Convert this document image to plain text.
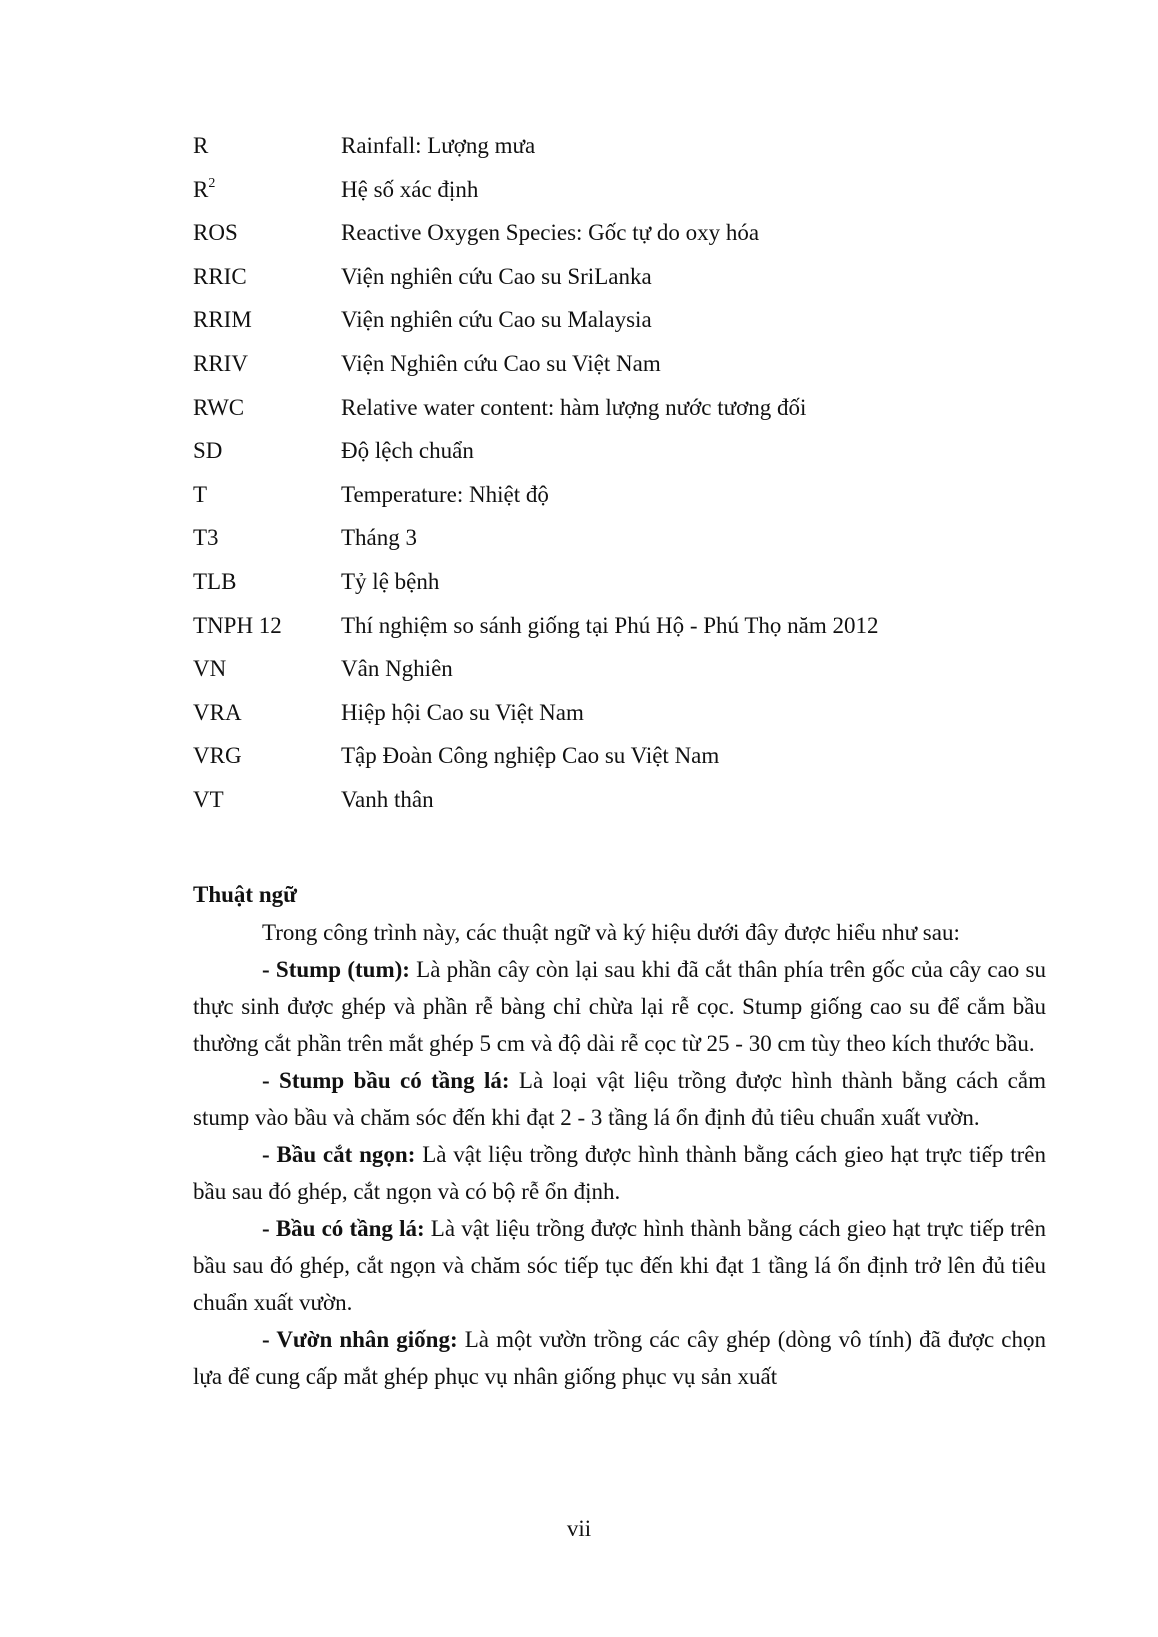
R	Rainfall: Lượng mưa
$R^2$	Hệ số xác định
ROS	Reactive Oxygen Species: Gốc tự do oxy hóa
RRIC	Viện nghiên cứu Cao su SriLanka
RRIM	Viện nghiên cứu Cao su Malaysia
RRIV	Viện Nghiên cứu Cao su Việt Nam
RWC	Relative water content: hàm lượng nước tương đối
SD	Độ lệch chuẩn
T	Temperature: Nhiệt độ
T3	Tháng 3
TLB	Tỷ lệ bệnh
TNPH 12	Thí nghiệm so sánh giống tại Phú Hộ - Phú Thọ năm 2012
VN	Vân Nghiên
VRA	Hiệp hội Cao su Việt Nam
VRG	Tập Đoàn Công nghiệp Cao su Việt Nam
VT	Vanh thân
Thuật ngữ

Trong công trình này, các thuật ngữ và ký hiệu dưới đây được hiểu như sau:

- Stump (tum): Là phần cây còn lại sau khi đã cắt thân phía trên gốc của cây cao su thực sinh được ghép và phần rễ bàng chỉ chừa lại rễ cọc. Stump giống cao su để cắm bầu thường cắt phần trên mắt ghép 5 cm và độ dài rễ cọc từ 25 - 30 cm tùy theo kích thước bầu.

- Stump bầu có tầng lá: Là loại vật liệu trồng được hình thành bằng cách cắm stump vào bầu và chăm sóc đến khi đạt 2 - 3 tầng lá ổn định đủ tiêu chuẩn xuất vườn.

- Bầu cắt ngọn: Là vật liệu trồng được hình thành bằng cách gieo hạt trực tiếp trên bầu sau đó ghép, cắt ngọn và có bộ rễ ổn định.

- Bầu có tầng lá: Là vật liệu trồng được hình thành bằng cách gieo hạt trực tiếp trên bầu sau đó ghép, cắt ngọn và chăm sóc tiếp tục đến khi đạt 1 tầng lá ổn định trở lên đủ tiêu chuẩn xuất vườn.

- Vườn nhân giống: Là một vườn trồng các cây ghép (dòng vô tính) đã được chọn lựa để cung cấp mắt ghép phục vụ nhân giống phục vụ sản xuất

vii
